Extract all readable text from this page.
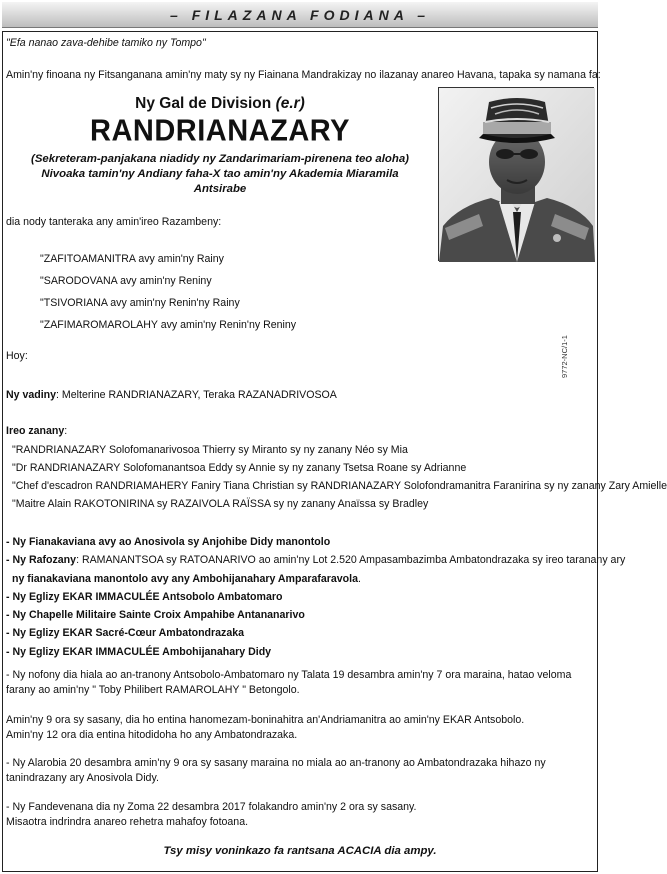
– FILAZANA FODIANA –
"Efa nanao zava-dehibe tamiko ny Tompo"
Amin'ny finoana ny Fitsanganana amin'ny maty sy ny Fiainana Mandrakizay no ilazanay anareo Havana, tapaka sy namana fa:
Ny Gal de Division (e.r)
RANDRIANAZARY
(Sekreteram-panjakana niadidy ny Zandarimariam-pirenena teo aloha)
Nivoaka tamin'ny Andiany faha-X tao amin'ny Akademia Miaramila
Antsirabe
dia nody tanteraka any amin'ireo Razambeny:
"ZAFITOAMANITRA avy amin'ny Rainy
"SARODOVANA avy amin'ny Reniny
"TSIVORIANA avy amin'ny Renin'ny Rainy
"ZAFIMAROMAROLAHY avy amin'ny Renin'ny Reniny
9772-NC/1-1
Hoy:
Ny vadiny: Melterine RANDRIANAZARY, Teraka RAZANADRIVOSOA
Ireo zanany:
"RANDRIANAZARY Solofomanarivosoa Thierry sy Miranto sy ny zanany Néo sy Mia
"Dr RANDRIANAZARY Solofomanantsoa Eddy sy Annie sy ny zanany Tsetsa Roane sy Adrianne
"Chef d'escadron RANDRIAMAHERY Faniry Tiana Christian sy RANDRIANAZARY Solofondramanitra Faranirina sy ny zanany Zary Amielle
"Maitre Alain RAKOTONIRINA sy RAZAIVOLA RAÏSSA sy ny zanany Anaïssa sy Bradley
- Ny Fianakaviana avy ao Anosivola sy Anjohibe Didy manontolo
- Ny Rafozany: RAMANANTSOA sy RATOANARIVO ao amin'ny Lot 2.520 Ampasambazimba Ambatondrazaka sy ireo taranany ary
ny fianakaviana manontolo avy any Ambohijanahary Amparafaravola.
- Ny Eglizy EKAR IMMACULÉE Antsobolo Ambatomaro
- Ny Chapelle Militaire Sainte Croix Ampahibe Antananarivo
- Ny Eglizy EKAR Sacré-Cœur Ambatondrazaka
- Ny Eglizy EKAR IMMACULÉE Ambohijanahary Didy
- Ny nofony dia hiala ao an-tranony Antsobolo-Ambatomaro ny Talata 19 desambra amin'ny 7 ora maraina, hatao veloma farany ao amin'ny " Toby Philibert RAMAROLAHY " Betongolo.
Amin'ny 9 ora sy sasany, dia ho entina hanomezam-boninahitra an'Andriamanitra ao amin'ny EKAR Antsobolo.
Amin'ny 12 ora dia entina hitodidoha ho any Ambatondrazaka.
- Ny Alarobia 20 desambra amin'ny 9 ora sy sasany maraina no miala ao an-tranony ao Ambatondrazaka hihazo ny tanindrazany ary Anosivola Didy.
- Ny Fandevenana dia ny Zoma 22 desambra 2017 folakandro amin'ny 2 ora sy sasany.
Misaotra indrindra anareo rehetra mahafoy fotoana.
Tsy misy voninkazo fa rantsana ACACIA dia ampy.
